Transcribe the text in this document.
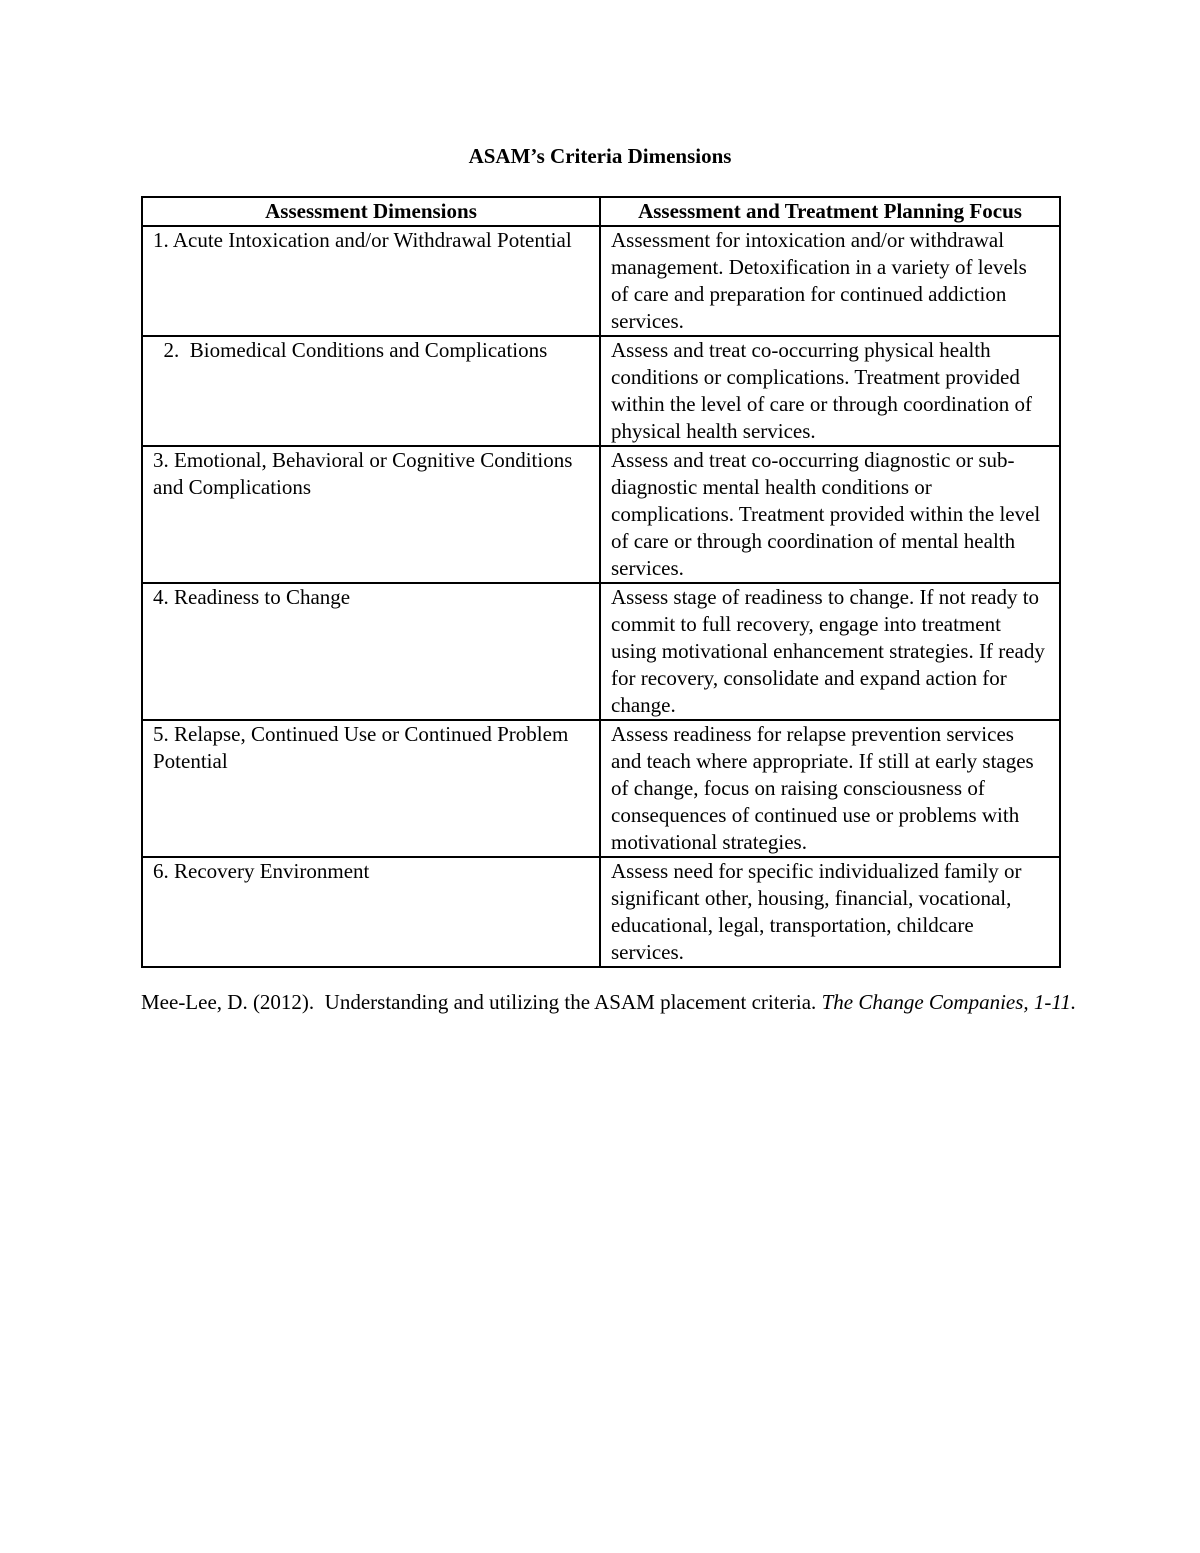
ASAM’s Criteria Dimensions
Assessment Dimensions	Assessment and Treatment Planning Focus

1. Acute Intoxication and/or Withdrawal Potential	Assessment for intoxication and/or withdrawal management. Detoxification in a variety of levels of care and preparation for continued addiction services.

2.  Biomedical Conditions and Complications	Assess and treat co-occurring physical health conditions or complications. Treatment provided within the level of care or through coordination of physical health services.

3. Emotional, Behavioral or Cognitive Conditions and Complications	Assess and treat co-occurring diagnostic or sub-diagnostic mental health conditions or complications. Treatment provided within the level of care or through coordination of mental health services.

4. Readiness to Change	Assess stage of readiness to change. If not ready to commit to full recovery, engage into treatment using motivational enhancement strategies. If ready for recovery, consolidate and expand action for change.

5. Relapse, Continued Use or Continued Problem Potential	Assess readiness for relapse prevention services and teach where appropriate. If still at early stages of change, focus on raising consciousness of consequences of continued use or problems with motivational strategies.

6. Recovery Environment	Assess need for specific individualized family or significant other, housing, financial, vocational, educational, legal, transportation, childcare services.

Mee-Lee, D. (2012).  Understanding and utilizing the ASAM placement criteria. The Change Companies, 1-11.
